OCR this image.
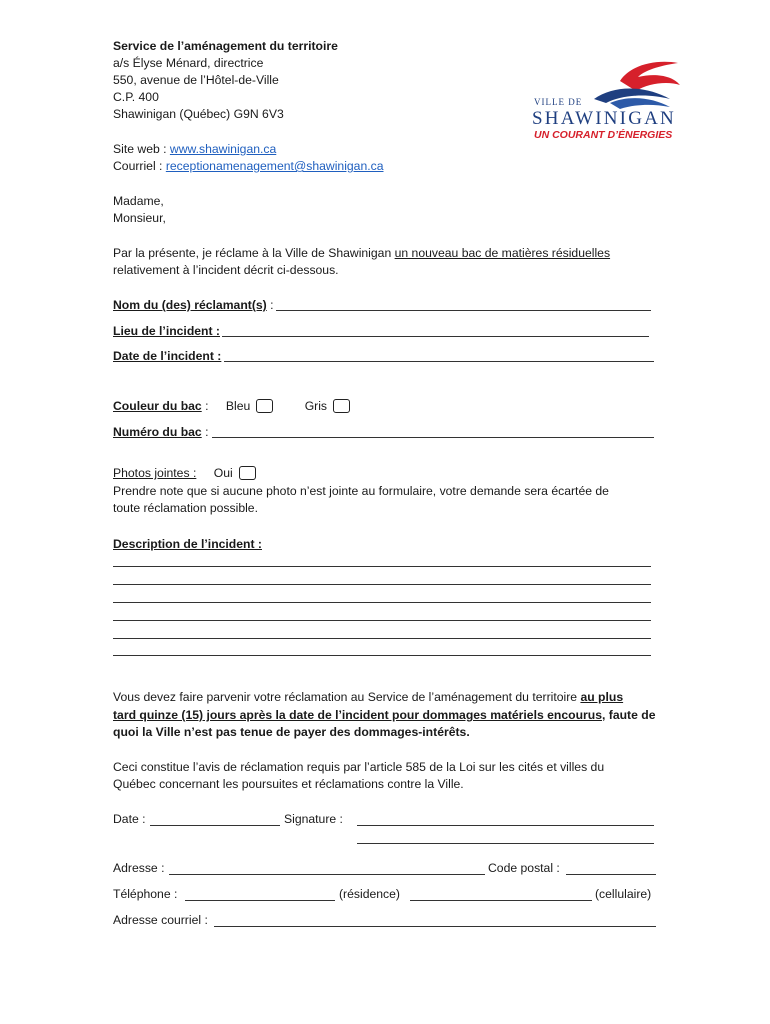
Service de l’aménagement du territoire
a/s Élyse Ménard, directrice
550, avenue de l’Hôtel-de-Ville
C.P. 400
Shawinigan (Québec) G9N 6V3
Site web : www.shawinigan.ca
Courriel : receptionamenagement@shawinigan.ca
VILLE DE
SHAWINIGAN
UN COURANT D’ÉNERGIES
Madame,
Monsieur,
Par la présente, je réclame à la Ville de Shawinigan un nouveau bac de matières résiduelles
relativement à l’incident décrit ci-dessous.
Nom du (des) réclamant(s) :
Lieu de l’incident :
Date de l’incident :
Couleur du bac : Bleu	Gris
Numéro du bac :
Photos jointes : Oui
Prendre note que si aucune photo n’est jointe au formulaire, votre demande sera écartée de
toute réclamation possible.
Description de l’incident :
Vous devez faire parvenir votre réclamation au Service de l’aménagement du territoire au plus
tard quinze (15) jours après la date de l’incident pour dommages matériels encourus, faute de
quoi la Ville n’est pas tenue de payer des dommages-intérêts.
Ceci constitue l’avis de réclamation requis par l’article 585 de la Loi sur les cités et villes du
Québec concernant les poursuites et réclamations contre la Ville.
Date :	Signature :
Adresse :	Code postal :
Téléphone :	(résidence)	(cellulaire)
Adresse courriel :
